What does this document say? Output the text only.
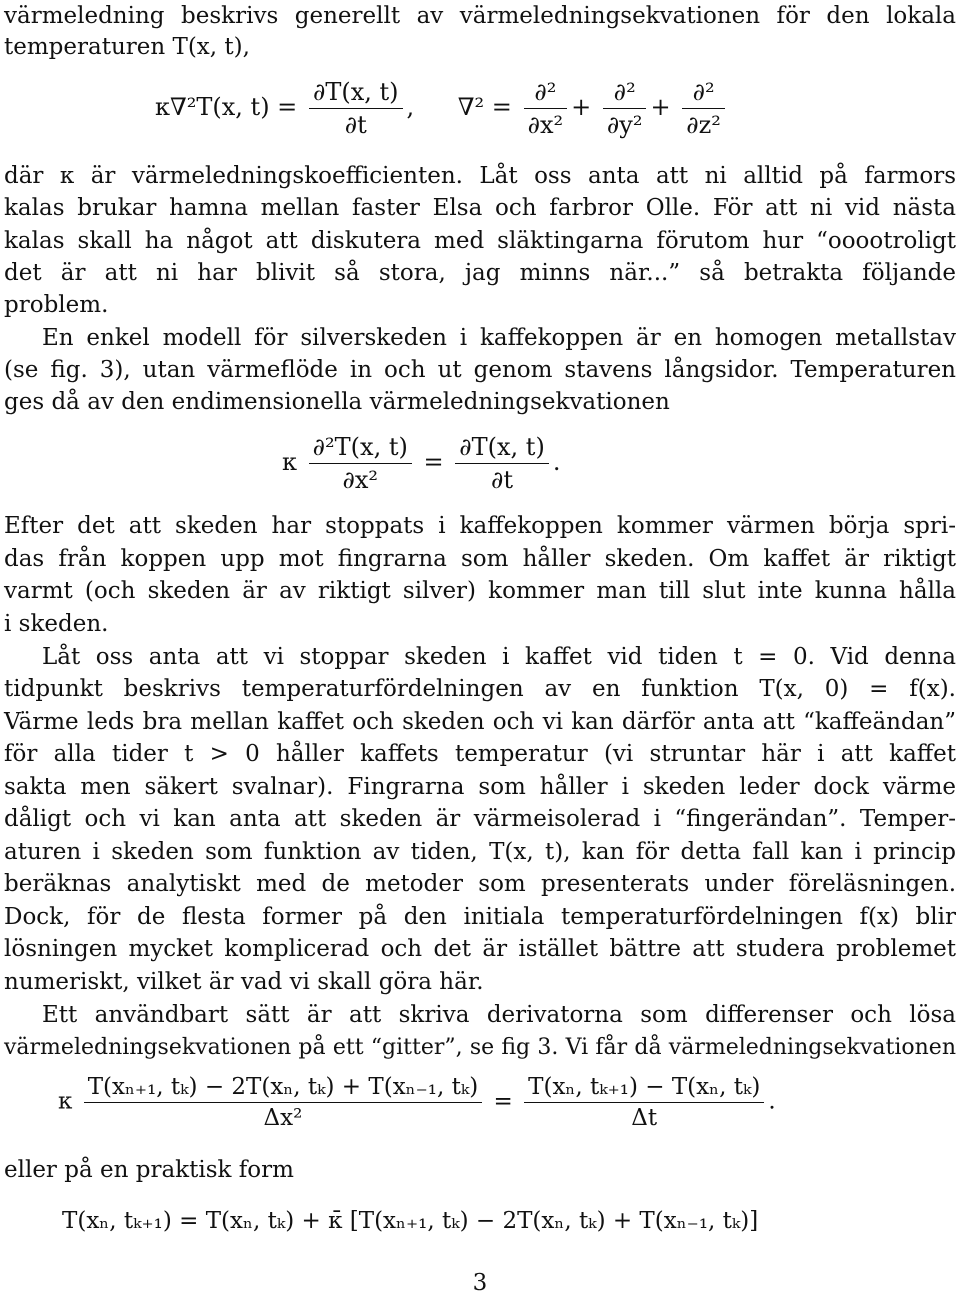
värmeledning beskrivs generellt av värmeledningsekvationen för den lokala
temperaturen T(x, t),
κ∇²T(x, $t) = \frac{\partial T(x, t)}{\partial t}$ , $\nabla^2 = \frac{\text{∂²}}{\text{∂x²}} + \frac{\text{∂²}}{\text{∂y²}} + \frac{\text{∂²}}{\text{∂z²}}$
där κ är värmeledningskoefficienten. Låt oss anta att ni alltid på farmors
kalas brukar hamna mellan faster Elsa och farbror Olle. För att ni vid nästa
kalas skall ha något att diskutera med släktingarna förutom hur “ooootroligt
det är att ni har blivit så stora, jag minns när...” så betrakta följande
problem.
En enkel modell för silverskeden i kaffekoppen är en homogen metallstav
(se fig. 3), utan värmeflöde in och ut genom stavens långsidor. Temperaturen
ges då av den endimensionella värmeledningsekvationen
κ $\frac{\text{∂²T(x, t)}}{\text{∂x²}} = \frac{\partial T(x, t)}{\partial t}$ .
Efter det att skeden har stoppats i kaffekoppen kommer värmen börja spri-
das från koppen upp mot fingrarna som håller skeden. Om kaffet är riktigt
varmt (och skeden är av riktigt silver) kommer man till slut inte kunna hålla
i skeden.
Låt oss anta att vi stoppar skeden i kaffet vid tiden t = 0. Vid denna
tidpunkt beskrivs temperaturfördelningen av en funktion T(x, 0) = f(x).
Värme leds bra mellan kaffet och skeden och vi kan därför anta att “kaffeändan”
för alla tider t > 0 håller kaffets temperatur (vi struntar här i att kaffet
sakta men säkert svalnar). Fingrarna som håller i skeden leder dock värme
dåligt och vi kan anta att skeden är värmeisolerad i “fingerändan”. Temper-
aturen i skeden som funktion av tiden, T(x, t), kan för detta fall kan i princip
beräknas analytiskt med de metoder som presenterats under föreläsningen.
Dock, för de flesta former på den initiala temperaturfördelningen f(x) blir
lösningen mycket komplicerad och det är istället bättre att studera problemet
numeriskt, vilket är vad vi skall göra här.
Ett användbart sätt är att skriva derivatorna som differenser och lösa
värmeledningsekvationen på ett “gitter”, se fig 3. Vi får då värmeledningsekvationen
κ $\frac{\text{T(xₙ₊₁, tₖ) − 2T(xₙ, tₖ) + T(xₙ₋₁, tₖ)}}{\text{Δx²}} = \frac{\text{T(xₙ, tₖ₊₁) − T(xₙ, tₖ)}}{\Delta t}$ .
eller på en praktisk form
T(xₙ, tₖ₊₁) = T(xₙ, tₖ) + κ̄ [T(xₙ₊₁, tₖ) − 2T(xₙ, tₖ) + T(xₙ₋₁, tₖ)]
3
